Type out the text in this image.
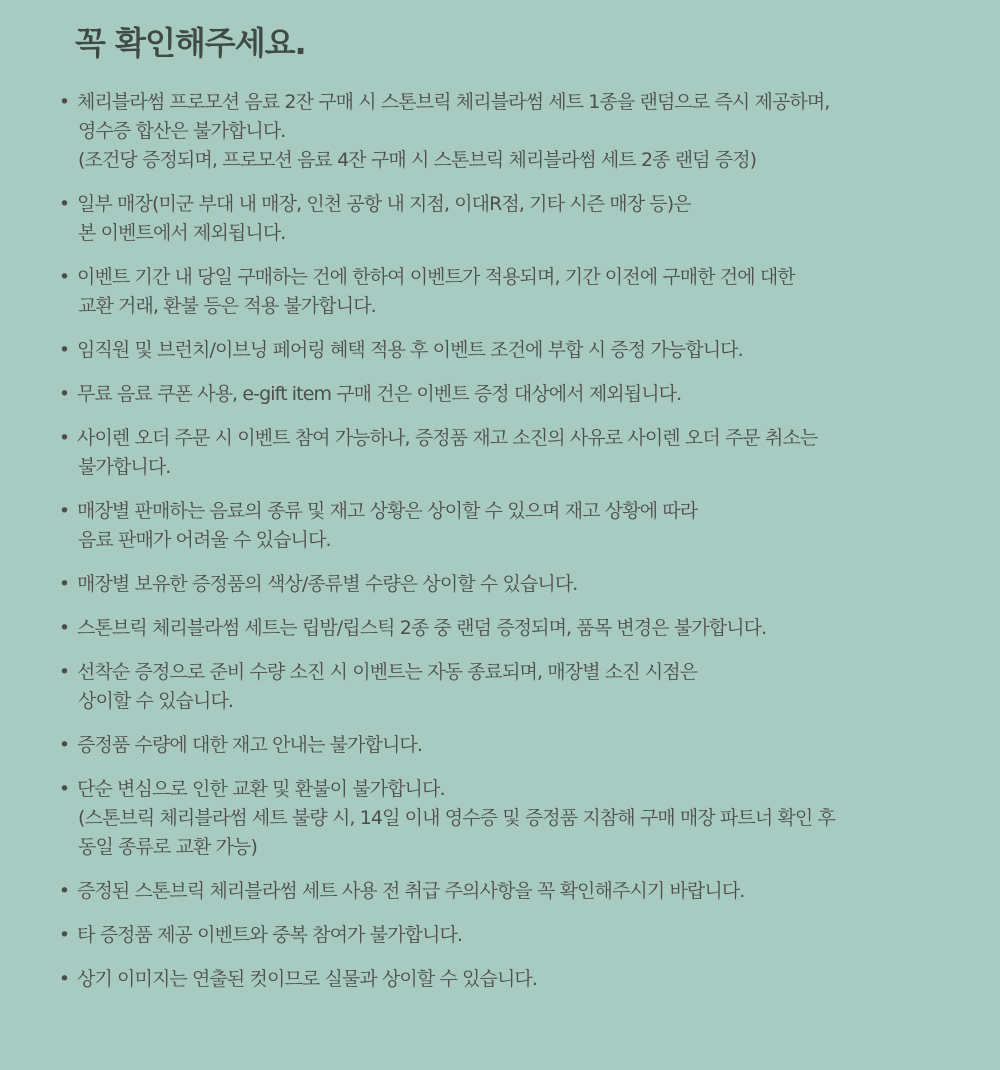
꼭 확인해주세요.
• 체리블라썸 프로모션 음료 2잔 구매 시 스톤브릭 체리블라썸 세트 1종을 랜덤으로 즉시 제공하며,
영수증 합산은 불가합니다.
(조건당 증정되며, 프로모션 음료 4잔 구매 시 스톤브릭 체리블라썸 세트 2종 랜덤 증정)
• 일부 매장(미군 부대 내 매장, 인천 공항 내 지점, 이대R점, 기타 시즌 매장 등)은
본 이벤트에서 제외됩니다.
• 이벤트 기간 내 당일 구매하는 건에 한하여 이벤트가 적용되며, 기간 이전에 구매한 건에 대한
교환 거래, 환불 등은 적용 불가합니다.
• 임직원 및 브런치/이브닝 페어링 혜택 적용 후 이벤트 조건에 부합 시 증정 가능합니다.
• 무료 음료 쿠폰 사용, e-gift item 구매 건은 이벤트 증정 대상에서 제외됩니다.
• 사이렌 오더 주문 시 이벤트 참여 가능하나, 증정품 재고 소진의 사유로 사이렌 오더 주문 취소는
불가합니다.
• 매장별 판매하는 음료의 종류 및 재고 상황은 상이할 수 있으며 재고 상황에 따라
음료 판매가 어려울 수 있습니다.
• 매장별 보유한 증정품의 색상/종류별 수량은 상이할 수 있습니다.
• 스톤브릭 체리블라썸 세트는 립밤/립스틱 2종 중 랜덤 증정되며, 품목 변경은 불가합니다.
• 선착순 증정으로 준비 수량 소진 시 이벤트는 자동 종료되며, 매장별 소진 시점은
상이할 수 있습니다.
• 증정품 수량에 대한 재고 안내는 불가합니다.
• 단순 변심으로 인한 교환 및 환불이 불가합니다.
(스톤브릭 체리블라썸 세트 불량 시, 14일 이내 영수증 및 증정품 지참해 구매 매장 파트너 확인 후
동일 종류로 교환 가능)
• 증정된 스톤브릭 체리블라썸 세트 사용 전 취급 주의사항을 꼭 확인해주시기 바랍니다.
• 타 증정품 제공 이벤트와 중복 참여가 불가합니다.
• 상기 이미지는 연출된 컷이므로 실물과 상이할 수 있습니다.
